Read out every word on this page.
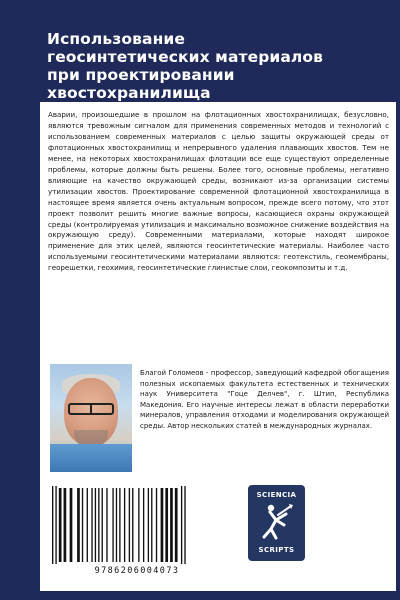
Использование
геосинтетических материалов
при проектировании
хвостохранилища

Аварии, произошедшие в прошлом на флотационных хвостохранилищах, безусловно, являются тревожным сигналом для применения современных методов и технологий с использованием современных материалов с целью защиты окружающей среды от флотационных хвостохранилищ и непрерывного удаления плавающих хвостов. Тем не менее, на некоторых хвостохранилищах флотации все еще существуют определенные проблемы, которые должны быть решены. Более того, основные проблемы, негативно влияющие на качество окружающей среды, возникают из-за организации системы утилизации хвостов. Проектирование современной флотационной хвостохранилища в настоящее время является очень актуальным вопросом, прежде всего потому, что этот проект позволит решить многие важные вопросы, касающиеся охраны окружающей среды (контролируемая утилизация и максимально возможное снижение воздействия на окружающую среду). Современными материалами, которые находят широкое применение для этих целей, являются геосинтетические материалы. Наиболее часто используемыми геосинтетическими материалами являются: геотекстиль, геомембраны, георешетки, геохимия, геосинтетические глинистые слои, геокомпозиты и т.д.

Благой Голомеов - профессор, заведующий кафедрой обогащения полезных ископаемых факультета естественных и технических наук Университета "Гоце Делчев", г. Штип, Республика Македония. Его научные интересы лежат в области переработки минералов, управления отходами и моделирования окружающей среды. Автор нескольких статей в международных журналах.

9786206004073
SCIENCIA
SCRIPTS
